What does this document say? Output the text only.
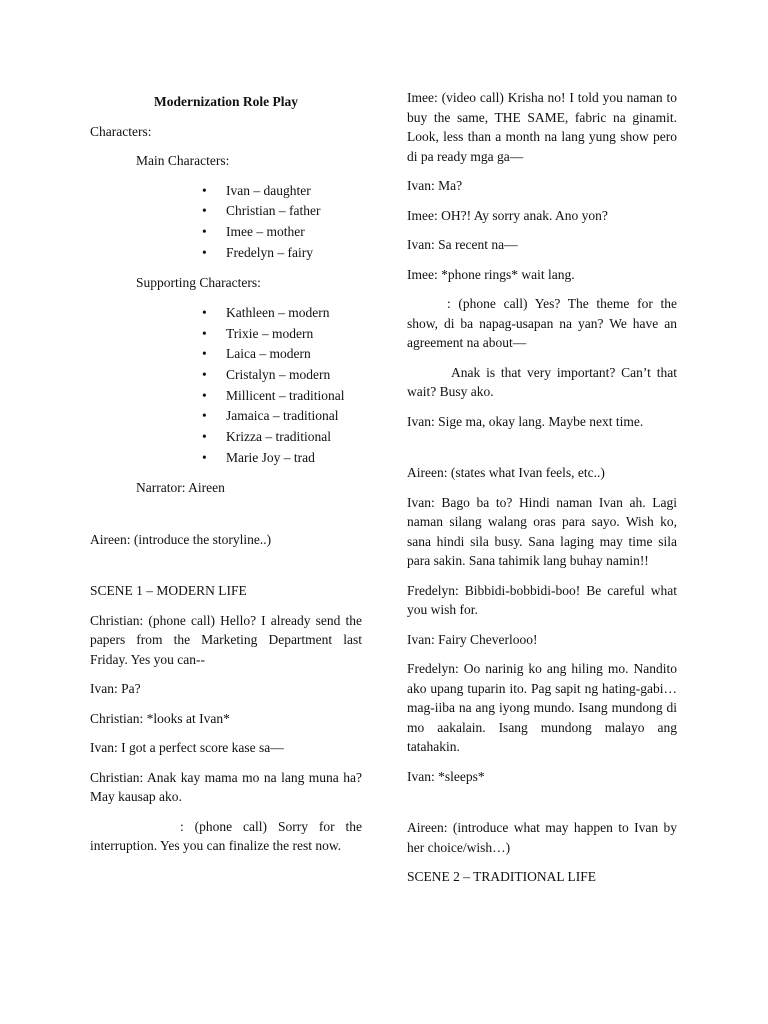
Modernization Role Play

Characters:

Main Characters:

• Ivan – daughter
• Christian – father
• Imee – mother
• Fredelyn – fairy

Supporting Characters:

• Kathleen – modern
• Trixie – modern
• Laica – modern
• Cristalyn – modern
• Millicent – traditional
• Jamaica – traditional
• Krizza – traditional
• Marie Joy – trad

Narrator: Aireen

Aireen: (introduce the storyline..)

SCENE 1 – MODERN LIFE

Christian: (phone call) Hello? I already send the papers from the Marketing Department last Friday. Yes you can--

Ivan: Pa?

Christian: *looks at Ivan*

Ivan: I got a perfect score kase sa—

Christian: Anak kay mama mo na lang muna ha? May kausap ako.

: (phone call) Sorry for the interruption. Yes you can finalize the rest now.

Imee: (video call) Krisha no! I told you naman to buy the same, THE SAME, fabric na ginamit. Look, less than a month na lang yung show pero di pa ready mga ga—

Ivan: Ma?

Imee: OH?! Ay sorry anak. Ano yon?

Ivan: Sa recent na—

Imee: *phone rings* wait lang.

: (phone call) Yes? The theme for the show, di ba napag-usapan na yan? We have an agreement na about—

Anak is that very important? Can’t that wait? Busy ako.

Ivan: Sige ma, okay lang. Maybe next time.

Aireen: (states what Ivan feels, etc..)

Ivan: Bago ba to? Hindi naman Ivan ah. Lagi naman silang walang oras para sayo. Wish ko, sana hindi sila busy. Sana laging may time sila para sakin. Sana tahimik lang buhay namin!!

Fredelyn: Bibbidi-bobbidi-boo! Be careful what you wish for.

Ivan: Fairy Cheverlooo!

Fredelyn: Oo narinig ko ang hiling mo. Nandito ako upang tuparin ito. Pag sapit ng hating-gabi… mag-iiba na ang iyong mundo. Isang mundong di mo aakalain. Isang mundong malayo ang tatahakin.

Ivan: *sleeps*

Aireen: (introduce what may happen to Ivan by her choice/wish…)

SCENE 2 – TRADITIONAL LIFE
